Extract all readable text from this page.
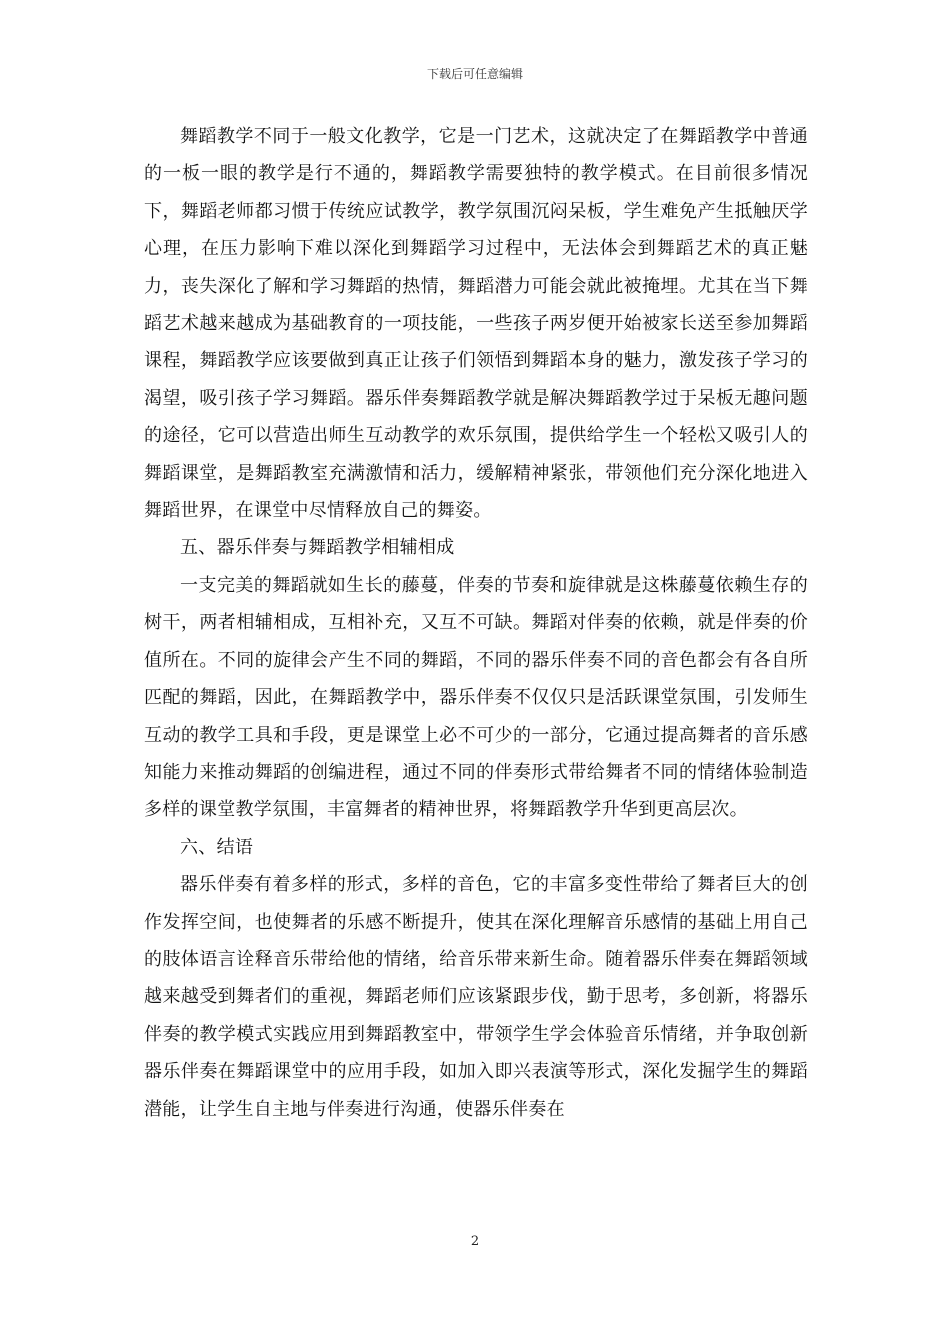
下载后可任意编辑

舞蹈教学不同于一般文化教学，它是一门艺术，这就决定了在舞蹈教学中普通的一板一眼的教学是行不通的，舞蹈教学需要独特的教学模式。在目前很多情况下，舞蹈老师都习惯于传统应试教学，教学氛围沉闷呆板，学生难免产生抵触厌学心理，在压力影响下难以深化到舞蹈学习过程中，无法体会到舞蹈艺术的真正魅力，丧失深化了解和学习舞蹈的热情，舞蹈潜力可能会就此被掩埋。尤其在当下舞蹈艺术越来越成为基础教育的一项技能，一些孩子两岁便开始被家长送至参加舞蹈课程，舞蹈教学应该要做到真正让孩子们领悟到舞蹈本身的魅力，激发孩子学习的渴望，吸引孩子学习舞蹈。器乐伴奏舞蹈教学就是解决舞蹈教学过于呆板无趣问题的途径，它可以营造出师生互动教学的欢乐氛围，提供给学生一个轻松又吸引人的舞蹈课堂，是舞蹈教室充满激情和活力，缓解精神紧张，带领他们充分深化地进入舞蹈世界，在课堂中尽情释放自己的舞姿。

五、器乐伴奏与舞蹈教学相辅相成

一支完美的舞蹈就如生长的藤蔓，伴奏的节奏和旋律就是这株藤蔓依赖生存的树干，两者相辅相成，互相补充，又互不可缺。舞蹈对伴奏的依赖，就是伴奏的价值所在。不同的旋律会产生不同的舞蹈，不同的器乐伴奏不同的音色都会有各自所匹配的舞蹈，因此，在舞蹈教学中，器乐伴奏不仅仅只是活跃课堂氛围，引发师生互动的教学工具和手段，更是课堂上必不可少的一部分，它通过提高舞者的音乐感知能力来推动舞蹈的创编进程，通过不同的伴奏形式带给舞者不同的情绪体验制造多样的课堂教学氛围，丰富舞者的精神世界，将舞蹈教学升华到更高层次。

六、结语

器乐伴奏有着多样的形式，多样的音色，它的丰富多变性带给了舞者巨大的创作发挥空间，也使舞者的乐感不断提升，使其在深化理解音乐感情的基础上用自己的肢体语言诠释音乐带给他的情绪，给音乐带来新生命。随着器乐伴奏在舞蹈领域越来越受到舞者们的重视，舞蹈老师们应该紧跟步伐，勤于思考，多创新，将器乐伴奏的教学模式实践应用到舞蹈教室中，带领学生学会体验音乐情绪，并争取创新器乐伴奏在舞蹈课堂中的应用手段，如加入即兴表演等形式，深化发掘学生的舞蹈潜能，让学生自主地与伴奏进行沟通，使器乐伴奏在

2
